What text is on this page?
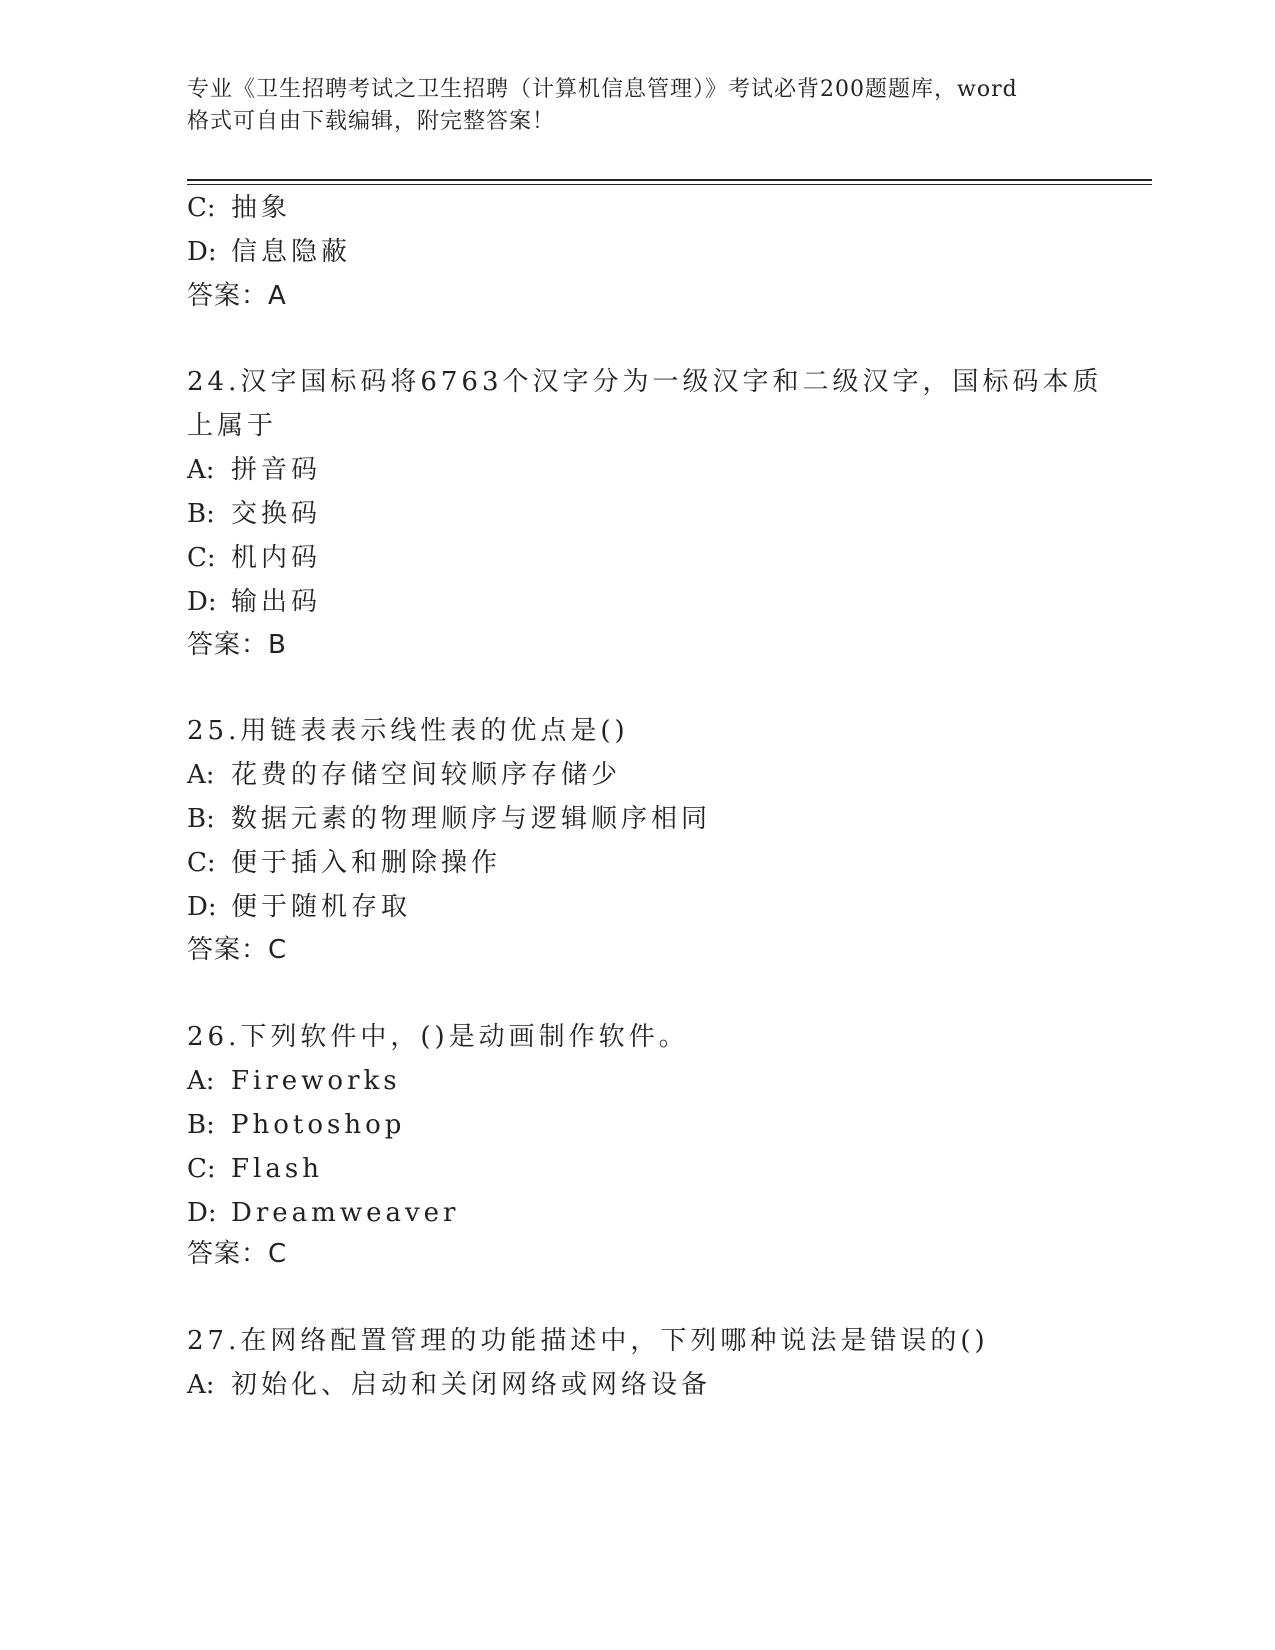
专业《卫生招聘考试之卫生招聘（计算机信息管理）》考试必背200题题库，word
格式可自由下载编辑，附完整答案！
C: 抽象
D: 信息隐蔽
答案：A
24.汉字国标码将6763个汉字分为一级汉字和二级汉字，国标码本质
上属于
A: 拼音码
B: 交换码
C: 机内码
D: 输出码
答案：B
25.用链表表示线性表的优点是()
A: 花费的存储空间较顺序存储少
B: 数据元素的物理顺序与逻辑顺序相同
C: 便于插入和删除操作
D: 便于随机存取
答案：C
26.下列软件中，()是动画制作软件。
A: Fireworks
B: Photoshop
C: Flash
D: Dreamweaver
答案：C
27.在网络配置管理的功能描述中，下列哪种说法是错误的()
A: 初始化、启动和关闭网络或网络设备
